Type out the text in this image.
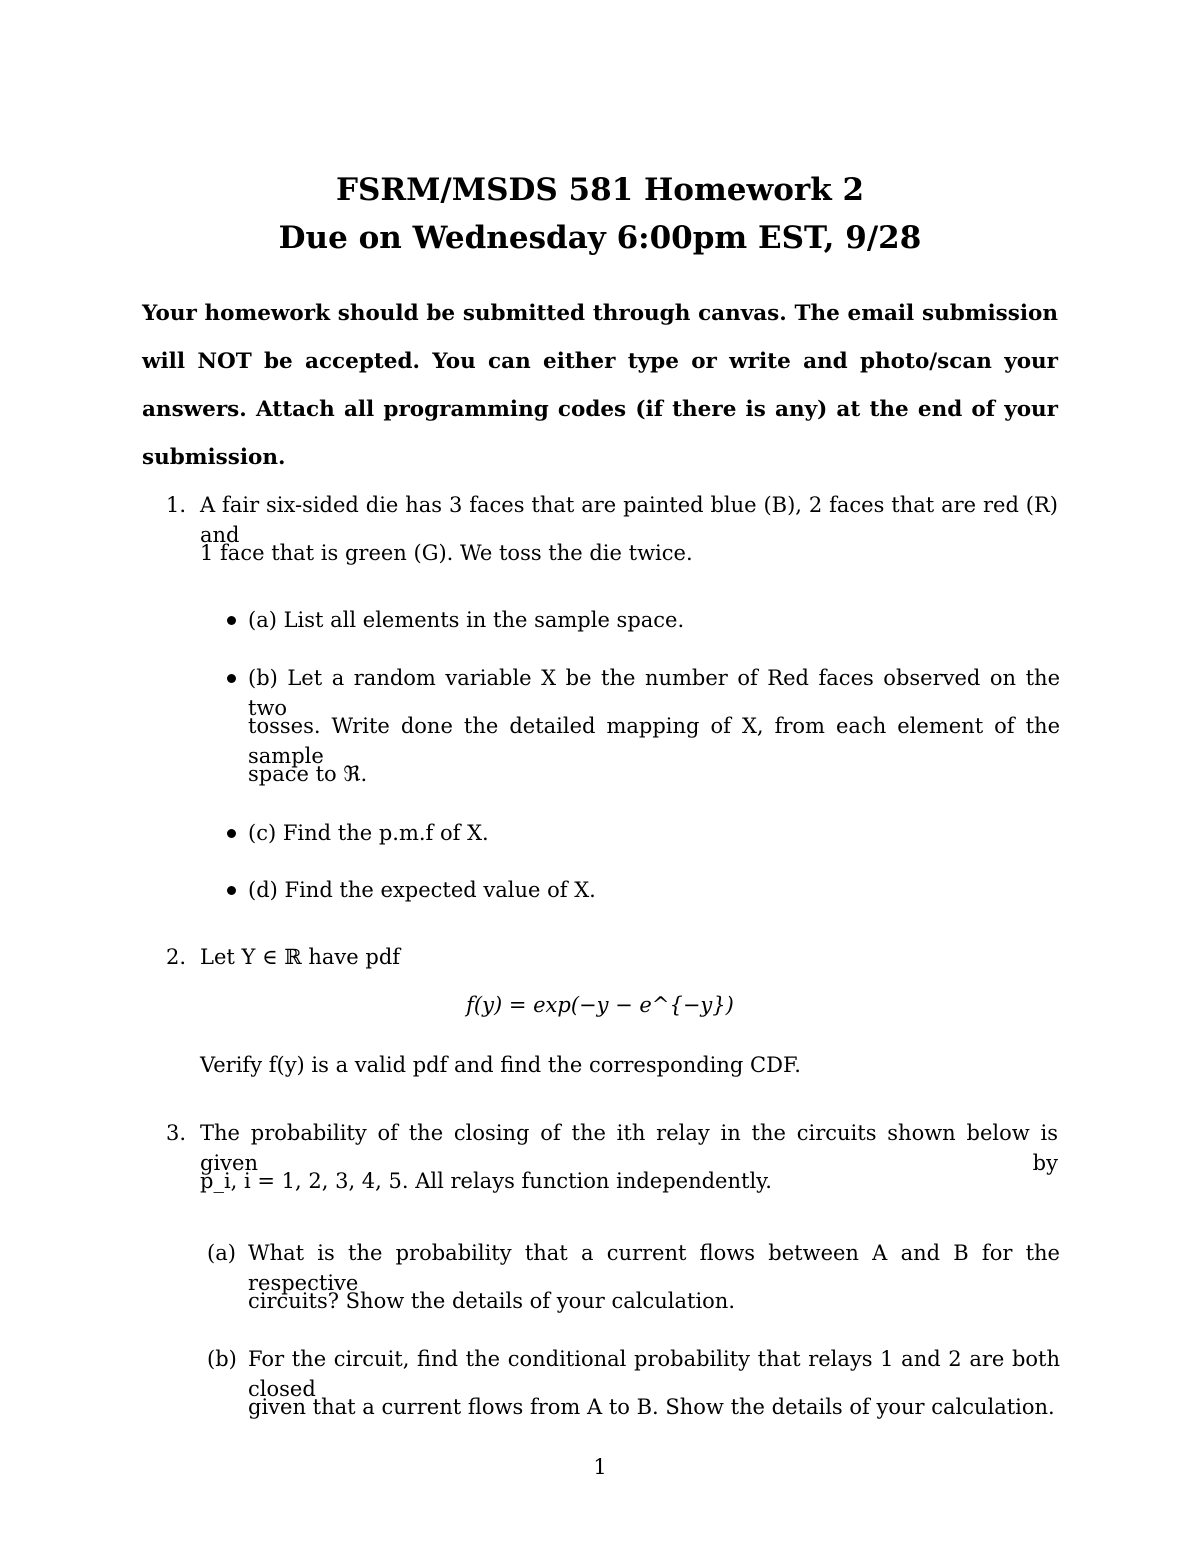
FSRM/MSDS 581 Homework 2
Due on Wednesday 6:00pm EST, 9/28
Your homework should be submitted through canvas. The email submission will NOT be accepted. You can either type or write and photo/scan your answers. Attach all programming codes (if there is any) at the end of your submission.
1. A fair six-sided die has 3 faces that are painted blue (B), 2 faces that are red (R) and
1 face that is green (G). We toss the die twice.
(a) List all elements in the sample space.
(b) Let a random variable X be the number of Red faces observed on the two
tosses. Write done the detailed mapping of X, from each element of the sample
space to ℜ.
(c) Find the p.m.f of X.
(d) Find the expected value of X.
2. Let Y ∈ ℝ have pdf
f(y) = exp(−y − e^{−y})
Verify f(y) is a valid pdf and find the corresponding CDF.
3. The probability of the closing of the ith relay in the circuits shown below is given by
p_i, i = 1, 2, 3, 4, 5. All relays function independently.
(a) What is the probability that a current flows between A and B for the respective
circuits? Show the details of your calculation.
(b) For the circuit, find the conditional probability that relays 1 and 2 are both closed
given that a current flows from A to B. Show the details of your calculation.
1
